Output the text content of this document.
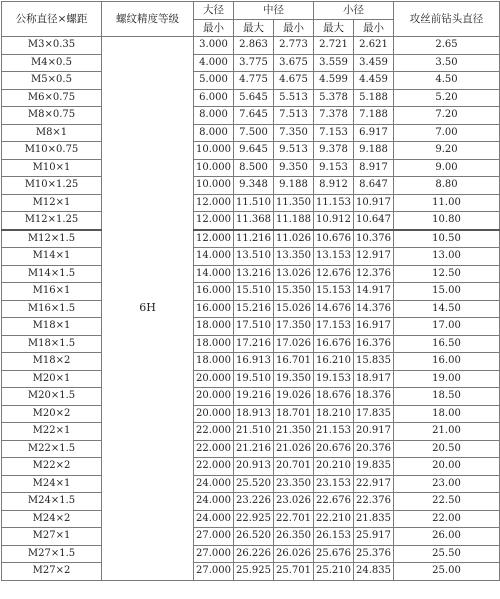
公称直径×螺距	螺纹精度等级	大径	中径		小径		攻丝前钻头直径
		最小	最大	最小	最大	最小	
M3×0.35	6H	3.000	2.863	2.773	2.721	2.621	2.65
M4×0.5		4.000	3.775	3.675	3.559	3.459	3.50
M5×0.5		5.000	4.775	4.675	4.599	4.459	4.50
M6×0.75		6.000	5.645	5.513	5.378	5.188	5.20
M8×0.75		8.000	7.645	7.513	7.378	7.188	7.20
M8×1		8.000	7.500	7.350	7.153	6.917	7.00
M10×0.75		10.000	9.645	9.513	9.378	9.188	9.20
M10×1		10.000	8.500	9.350	9.153	8.917	9.00
M10×1.25		10.000	9.348	9.188	8.912	8.647	8.80
M12×1		12.000	11.510	11.350	11.153	10.917	11.00
M12×1.25		12.000	11.368	11.188	10.912	10.647	10.80
M12×1.5		12.000	11.216	11.026	10.676	10.376	10.50
M14×1		14.000	13.510	13.350	13.153	12.917	13.00
M14×1.5		14.000	13.216	13.026	12.676	12.376	12.50
M16×1		16.000	15.510	15.350	15.153	14.917	15.00
M16×1.5		16.000	15.216	15.026	14.676	14.376	14.50
M18×1		18.000	17.510	17.350	17.153	16.917	17.00
M18×1.5		18.000	17.216	17.026	16.676	16.376	16.50
M18×2		18.000	16.913	16.701	16.210	15.835	16.00
M20×1		20.000	19.510	19.350	19.153	18.917	19.00
M20×1.5		20.000	19.216	19.026	18.676	18.376	18.50
M20×2		20.000	18.913	18.701	18.210	17.835	18.00
M22×1		22.000	21.510	21.350	21.153	20.917	21.00
M22×1.5		22.000	21.216	21.026	20.676	20.376	20.50
M22×2		22.000	20.913	20.701	20.210	19.835	20.00
M24×1		24.000	25.520	23.350	23.153	22.917	23.00
M24×1.5		24.000	23.226	23.026	22.676	22.376	22.50
M24×2		24.000	22.925	22.701	22.210	21.835	22.00
M27×1		27.000	26.520	26.350	26.153	25.917	26.00
M27×1.5		27.000	26.226	26.026	25.676	25.376	25.50
M27×2		27.000	25.925	25.701	25.210	24.835	25.00
